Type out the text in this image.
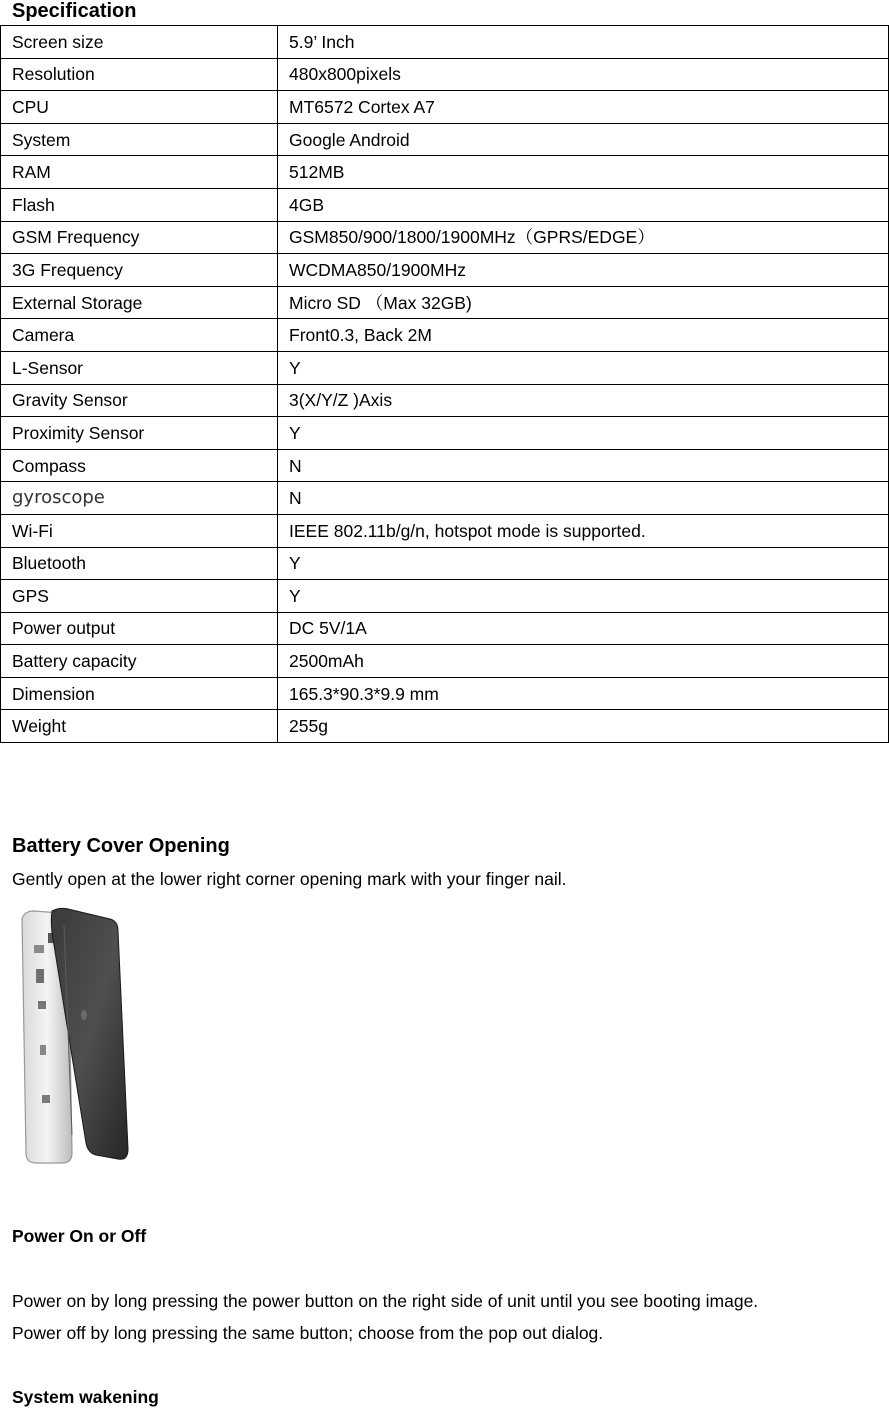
Specification
Screen size	5.9’ Inch
Resolution	480x800pixels
CPU	MT6572 Cortex A7
System	Google Android
RAM	512MB
Flash	4GB
GSM Frequency	GSM850/900/1800/1900MHz（GPRS/EDGE）
3G Frequency	WCDMA850/1900MHz
External Storage	Micro SD （Max 32GB)
Camera	Front0.3, Back 2M
L-Sensor	Y
Gravity Sensor	3(X/Y/Z )Axis
Proximity Sensor	Y
Compass	N
gyroscope	N
Wi-Fi	IEEE 802.11b/g/n, hotspot mode is supported.
Bluetooth	Y
GPS	Y
Power output	DC 5V/1A
Battery capacity	2500mAh
Dimension	165.3*90.3*9.9 mm
Weight	255g
Battery Cover Opening
Gently open at the lower right corner opening mark with your finger nail.
Power On or Off
Power on by long pressing the power button on the right side of unit until you see booting image.
Power off by long pressing the same button; choose from the pop out dialog.
System wakening
